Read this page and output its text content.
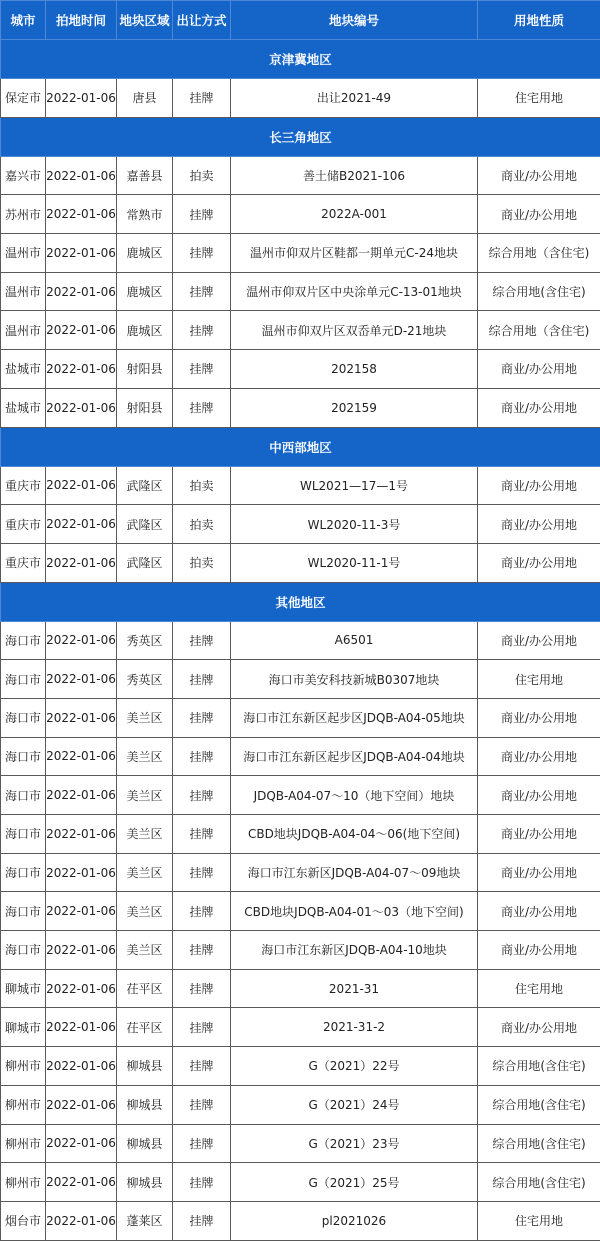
城市	拍地时间	地块区域	出让方式	地块编号	用地性质
京津冀地区					
保定市	2022-01-06	唐县	挂牌	出让2021-49	住宅用地
长三角地区					
嘉兴市	2022-01-06	嘉善县	拍卖	善土储B2021-106	商业/办公用地
苏州市	2022-01-06	常熟市	挂牌	2022A-001	商业/办公用地
温州市	2022-01-06	鹿城区	挂牌	温州市仰双片区鞋都一期单元C-24地块	综合用地（含住宅)
温州市	2022-01-06	鹿城区	挂牌	温州市仰双片区中央涂单元C-13-01地块	综合用地(含住宅)
温州市	2022-01-06	鹿城区	挂牌	温州市仰双片区双岙单元D-21地块	综合用地（含住宅)
盐城市	2022-01-06	射阳县	挂牌	202158	商业/办公用地
盐城市	2022-01-06	射阳县	挂牌	202159	商业/办公用地
中西部地区					
重庆市	2022-01-06	武隆区	拍卖	WL2021—17—1号	商业/办公用地
重庆市	2022-01-06	武隆区	拍卖	WL2020-11-3号	商业/办公用地
重庆市	2022-01-06	武隆区	拍卖	WL2020-11-1号	商业/办公用地
其他地区					
海口市	2022-01-06	秀英区	挂牌	A6501	商业/办公用地
海口市	2022-01-06	秀英区	挂牌	海口市美安科技新城B0307地块	住宅用地
海口市	2022-01-06	美兰区	挂牌	海口市江东新区起步区JDQB-A04-05地块	商业/办公用地
海口市	2022-01-06	美兰区	挂牌	海口市江东新区起步区JDQB-A04-04地块	商业/办公用地
海口市	2022-01-06	美兰区	挂牌	JDQB-A04-07～10（地下空间）地块	商业/办公用地
海口市	2022-01-06	美兰区	挂牌	CBD地块JDQB-A04-04～06(地下空间)	商业/办公用地
海口市	2022-01-06	美兰区	挂牌	海口市江东新区JDQB-A04-07～09地块	商业/办公用地
海口市	2022-01-06	美兰区	挂牌	CBD地块JDQB-A04-01～03（地下空间)	商业/办公用地
海口市	2022-01-06	美兰区	挂牌	海口市江东新区JDQB-A04-10地块	商业/办公用地
聊城市	2022-01-06	茌平区	挂牌	2021-31	住宅用地
聊城市	2022-01-06	茌平区	挂牌	2021-31-2	商业/办公用地
柳州市	2022-01-06	柳城县	挂牌	G（2021）22号	综合用地(含住宅)
柳州市	2022-01-06	柳城县	挂牌	G（2021）24号	综合用地(含住宅)
柳州市	2022-01-06	柳城县	挂牌	G（2021）23号	综合用地(含住宅)
柳州市	2022-01-06	柳城县	挂牌	G（2021）25号	综合用地(含住宅)
烟台市	2022-01-06	蓬莱区	挂牌	pl2021026	住宅用地
